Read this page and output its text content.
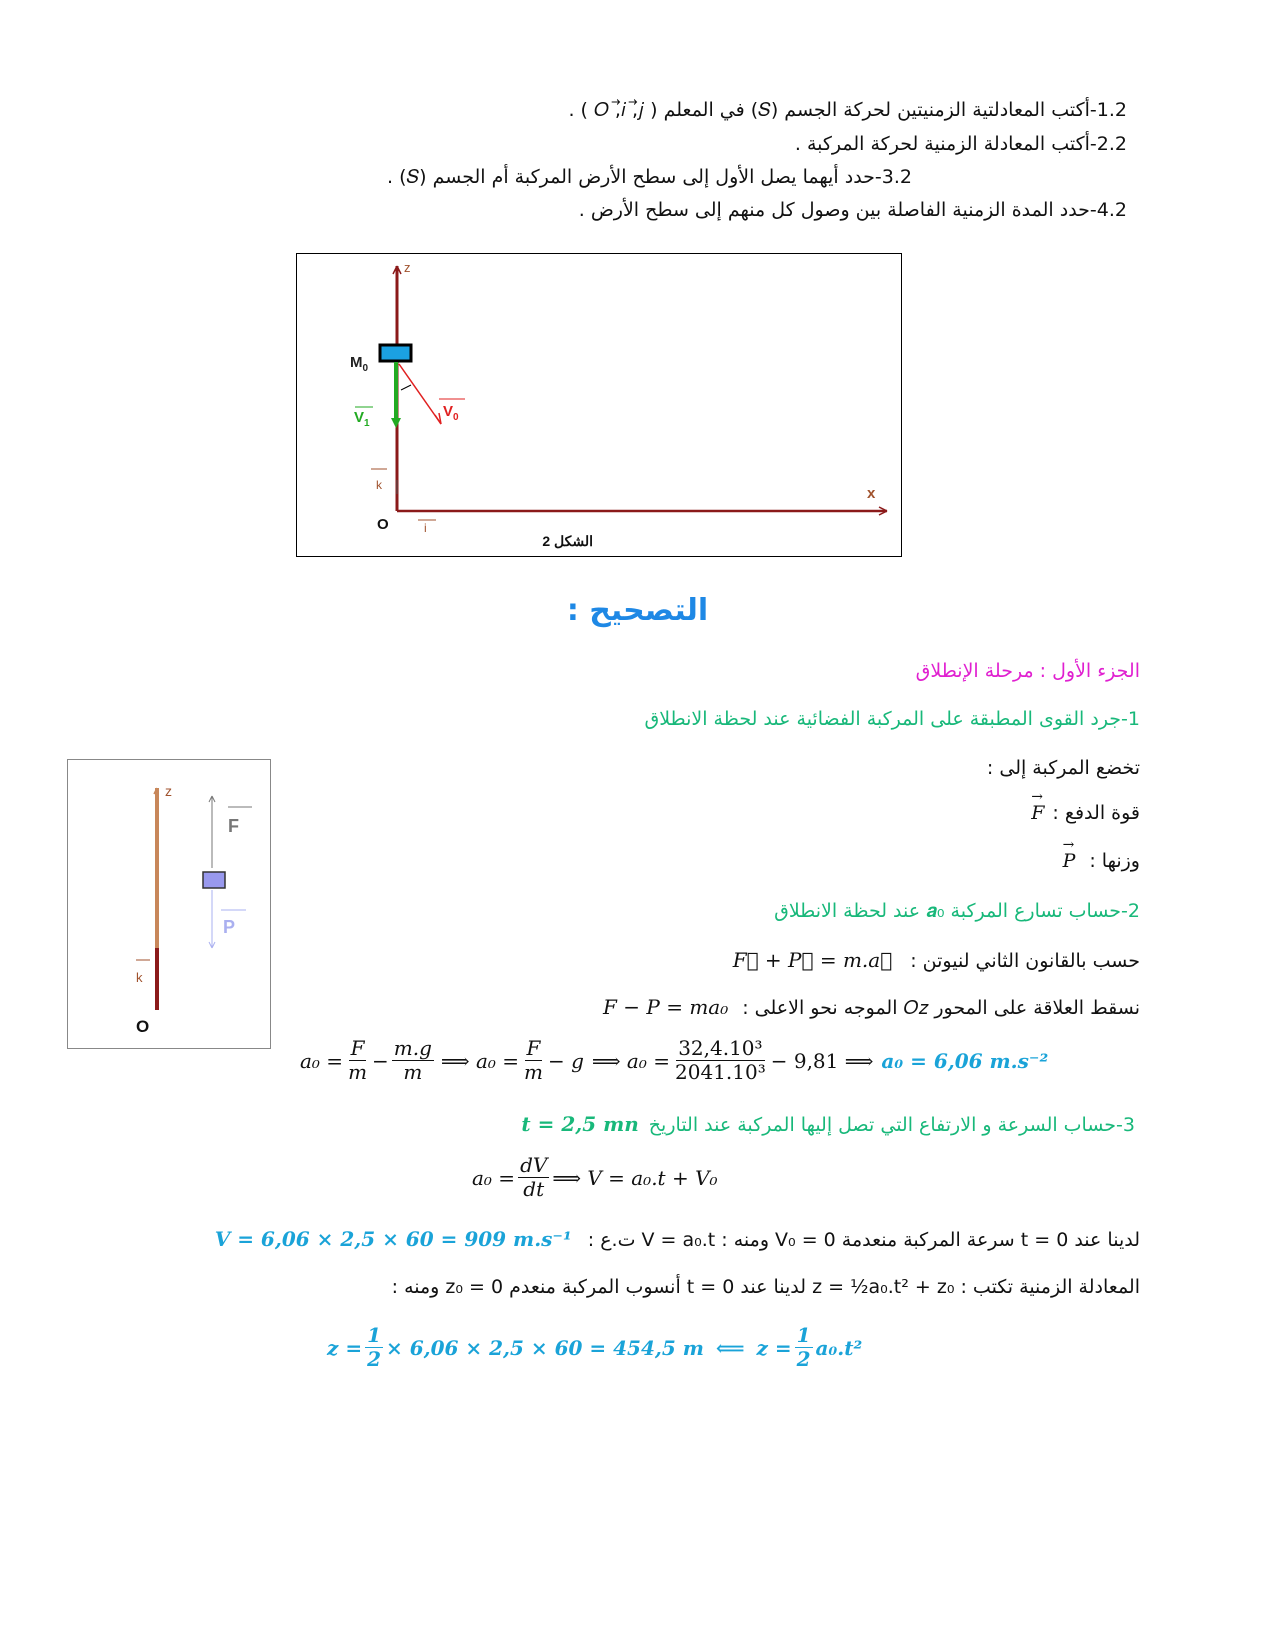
1.2-أكتب المعادلتية الزمنيتين لحركة الجسم (𝑆) في المعلم ( 𝑂 ,𝑖⃗ ,𝑗⃗ ) .
2.2-أكتب المعادلة الزمنية لحركة المركبة .
3.2-حدد أيهما يصل الأول إلى سطح الأرض المركبة أم الجسم (𝑆) .
4.2-حدد المدة الزمنية الفاصلة بين وصول كل منهم إلى سطح الأرض .
z
x
$M_0$
$V_1$
$V_0$
k
i
O
الشكل 2
التصحيح :
الجزء الأول : مرحلة الإنطلاق
1-جرد القوى المطبقة على المركبة الفضائية عند لحظة الانطلاق
تخضع المركبة إلى :
قوة الدفع :
→
F
وزنها :
→
P
z
F
P
k
O
2-حساب تسارع المركبة 𝒂₀ عند لحظة الانطلاق
حسب بالقانون الثاني لنيوتن :
F⃗ + P⃗ = m.a⃗
نسقط العلاقة على المحور 𝑂𝑧 الموجه نحو الاعلى :
F − P = ma₀
$a_0 = \frac{F}{m} - \frac{m.g}{m}$ ⟹ $a_0 = \frac{F}{m} - g$ ⟹ $a_0 = \frac{\text{32,4.10³}}{\text{2041.10³}} - 9,81$ ⟹ a₀ = 6,06 m.s⁻²
3-حساب السرعة و الارتفاع التي تصل إليها المركبة عند التاريخ
t = 2,5 mn
$a_0 = \frac{dV}{dt}$ ⟹ V = a₀.t + V₀
لدينا عند t = 0 سرعة المركبة منعدمة V₀ = 0 ومنه : V = a₀.t ت.ع :
V = 6,06 × 2,5 × 60 = 909 m.s⁻¹
المعادلة الزمنية تكتب : z = ½a₀.t² + z₀ لدينا عند t = 0 أنسوب المركبة منعدم z₀ = 0 ومنه :
$z = \frac{1}{2} \times 6,06 \times 2,5 \times 60 = 454,5$ m ⟸ $z = \frac{1}{2} a_0.t^2$
